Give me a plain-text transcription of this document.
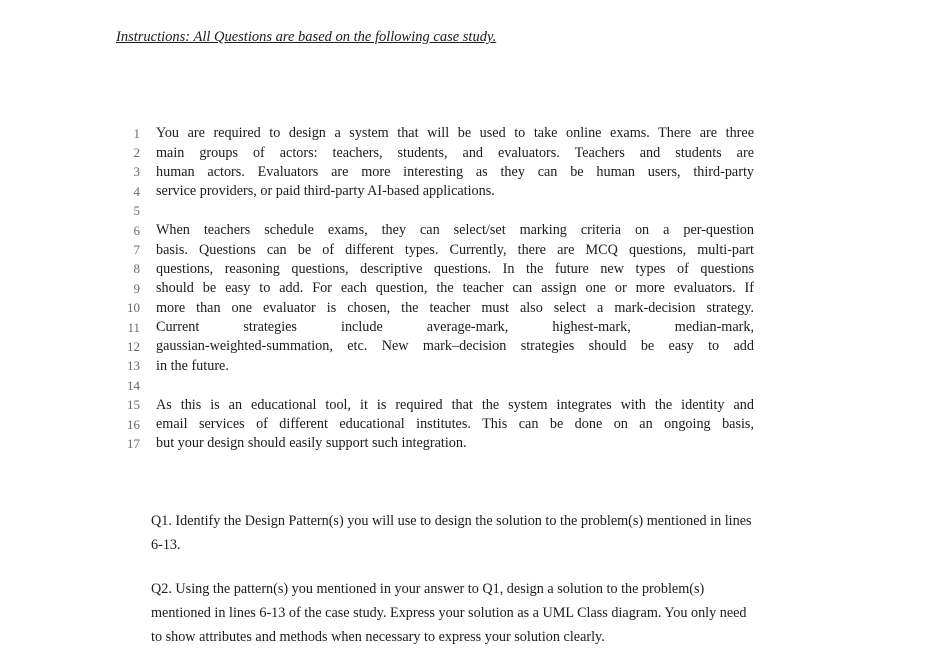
Instructions: All Questions are based on the following case study.
1 You are required to design a system that will be used to take online exams. There are three
2 main groups of actors: teachers, students, and evaluators. Teachers and students are
3 human actors. Evaluators are more interesting as they can be human users, third-party
4 service providers, or paid third-party AI-based applications.
5
6 When teachers schedule exams, they can select/set marking criteria on a per-question
7 basis. Questions can be of different types. Currently, there are MCQ questions, multi-part
8 questions, reasoning questions, descriptive questions. In the future new types of questions
9 should be easy to add. For each question, the teacher can assign one or more evaluators. If
10 more than one evaluator is chosen, the teacher must also select a mark-decision strategy.
11 Current strategies include average-mark, highest-mark, median-mark,
12 gaussian-weighted-summation, etc. New mark–decision strategies should be easy to add
13 in the future.
14
15 As this is an educational tool, it is required that the system integrates with the identity and
16 email services of different educational institutes. This can be done on an ongoing basis,
17 but your design should easily support such integration.
Q1. Identify the Design Pattern(s) you will use to design the solution to the problem(s) mentioned in lines
6-13.
Q2. Using the pattern(s) you mentioned in your answer to Q1, design a solution to the problem(s)
mentioned in lines 6-13 of the case study. Express your solution as a UML Class diagram. You only need
to show attributes and methods when necessary to express your solution clearly.
